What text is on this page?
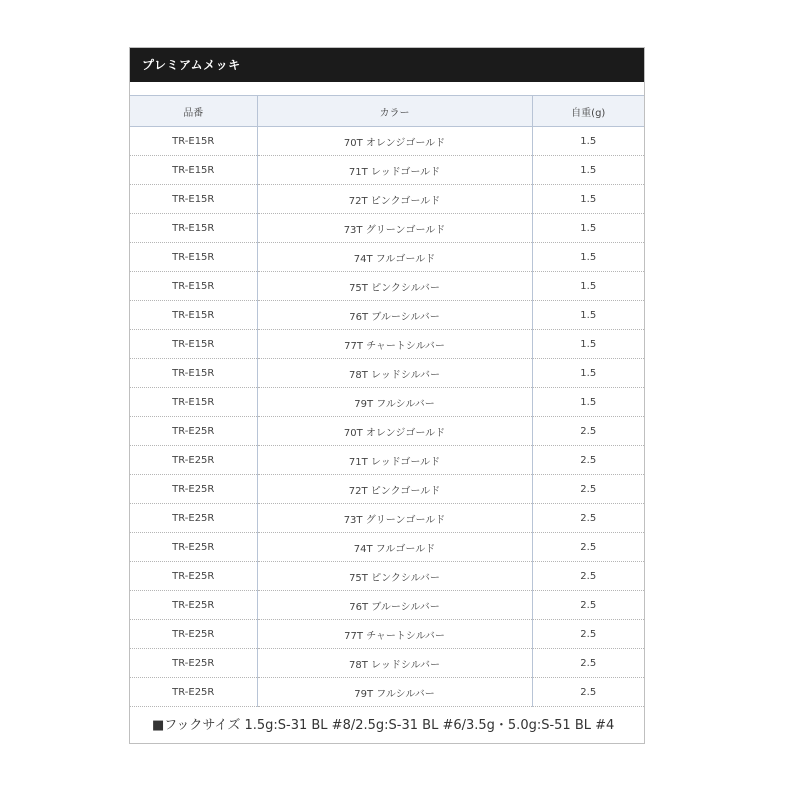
プレミアムメッキ
品番	カラー	自重(g)
TR-E15R	70T オレンジゴールド	1.5
TR-E15R	71T レッドゴールド	1.5
TR-E15R	72T ピンクゴールド	1.5
TR-E15R	73T グリーンゴールド	1.5
TR-E15R	74T フルゴールド	1.5
TR-E15R	75T ピンクシルバー	1.5
TR-E15R	76T ブルーシルバー	1.5
TR-E15R	77T チャートシルバー	1.5
TR-E15R	78T レッドシルバー	1.5
TR-E15R	79T フルシルバー	1.5
TR-E25R	70T オレンジゴールド	2.5
TR-E25R	71T レッドゴールド	2.5
TR-E25R	72T ピンクゴールド	2.5
TR-E25R	73T グリーンゴールド	2.5
TR-E25R	74T フルゴールド	2.5
TR-E25R	75T ピンクシルバー	2.5
TR-E25R	76T ブルーシルバー	2.5
TR-E25R	77T チャートシルバー	2.5
TR-E25R	78T レッドシルバー	2.5
TR-E25R	79T フルシルバー	2.5
■フックサイズ 1.5g:S-31 BL #8/2.5g:S-31 BL #6/3.5g・5.0g:S-51 BL #4
